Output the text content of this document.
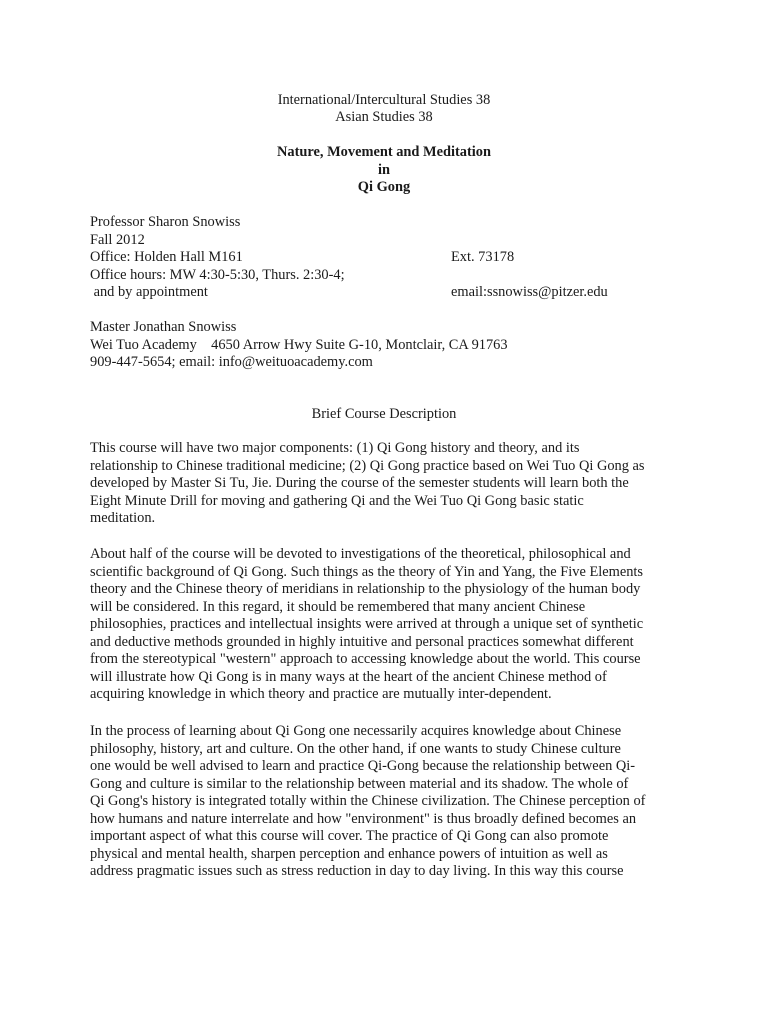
International/Intercultural Studies 38
Asian Studies 38
Nature, Movement and Meditation
in
Qi Gong
Professor Sharon Snowiss
Fall 2012
Office: Holden Hall M161	Ext. 73178
Office hours: MW 4:30-5:30, Thurs. 2:30-4;
and by appointment	email:ssnowiss@pitzer.edu
Master Jonathan Snowiss
Wei Tuo Academy    4650 Arrow Hwy Suite G-10, Montclair, CA 91763
909-447-5654; email: info@weituoacademy.com
Brief Course Description
This course will have two major components: (1) Qi Gong history and theory, and its
relationship to Chinese traditional medicine; (2) Qi Gong practice based on Wei Tuo Qi Gong as
developed by Master Si Tu, Jie. During the course of the semester students will learn both the
Eight Minute Drill for moving and gathering Qi and the Wei Tuo Qi Gong basic static
meditation.
About half of the course will be devoted to investigations of the theoretical, philosophical and
scientific background of Qi Gong. Such things as the theory of Yin and Yang, the Five Elements
theory and the Chinese theory of meridians in relationship to the physiology of the human body
will be considered. In this regard, it should be remembered that many ancient Chinese
philosophies, practices and intellectual insights were arrived at through a unique set of synthetic
and deductive methods grounded in highly intuitive and personal practices somewhat different
from the stereotypical "western" approach to accessing knowledge about the world. This course
will illustrate how Qi Gong is in many ways at the heart of the ancient Chinese method of
acquiring knowledge in which theory and practice are mutually inter-dependent.
In the process of learning about Qi Gong one necessarily acquires knowledge about Chinese
philosophy, history, art and culture. On the other hand, if one wants to study Chinese culture
one would be well advised to learn and practice Qi-Gong because the relationship between Qi-
Gong and culture is similar to the relationship between material and its shadow. The whole of
Qi Gong's history is integrated totally within the Chinese civilization. The Chinese perception of
how humans and nature interrelate and how "environment" is thus broadly defined becomes an
important aspect of what this course will cover. The practice of Qi Gong can also promote
physical and mental health, sharpen perception and enhance powers of intuition as well as
address pragmatic issues such as stress reduction in day to day living. In this way this course
